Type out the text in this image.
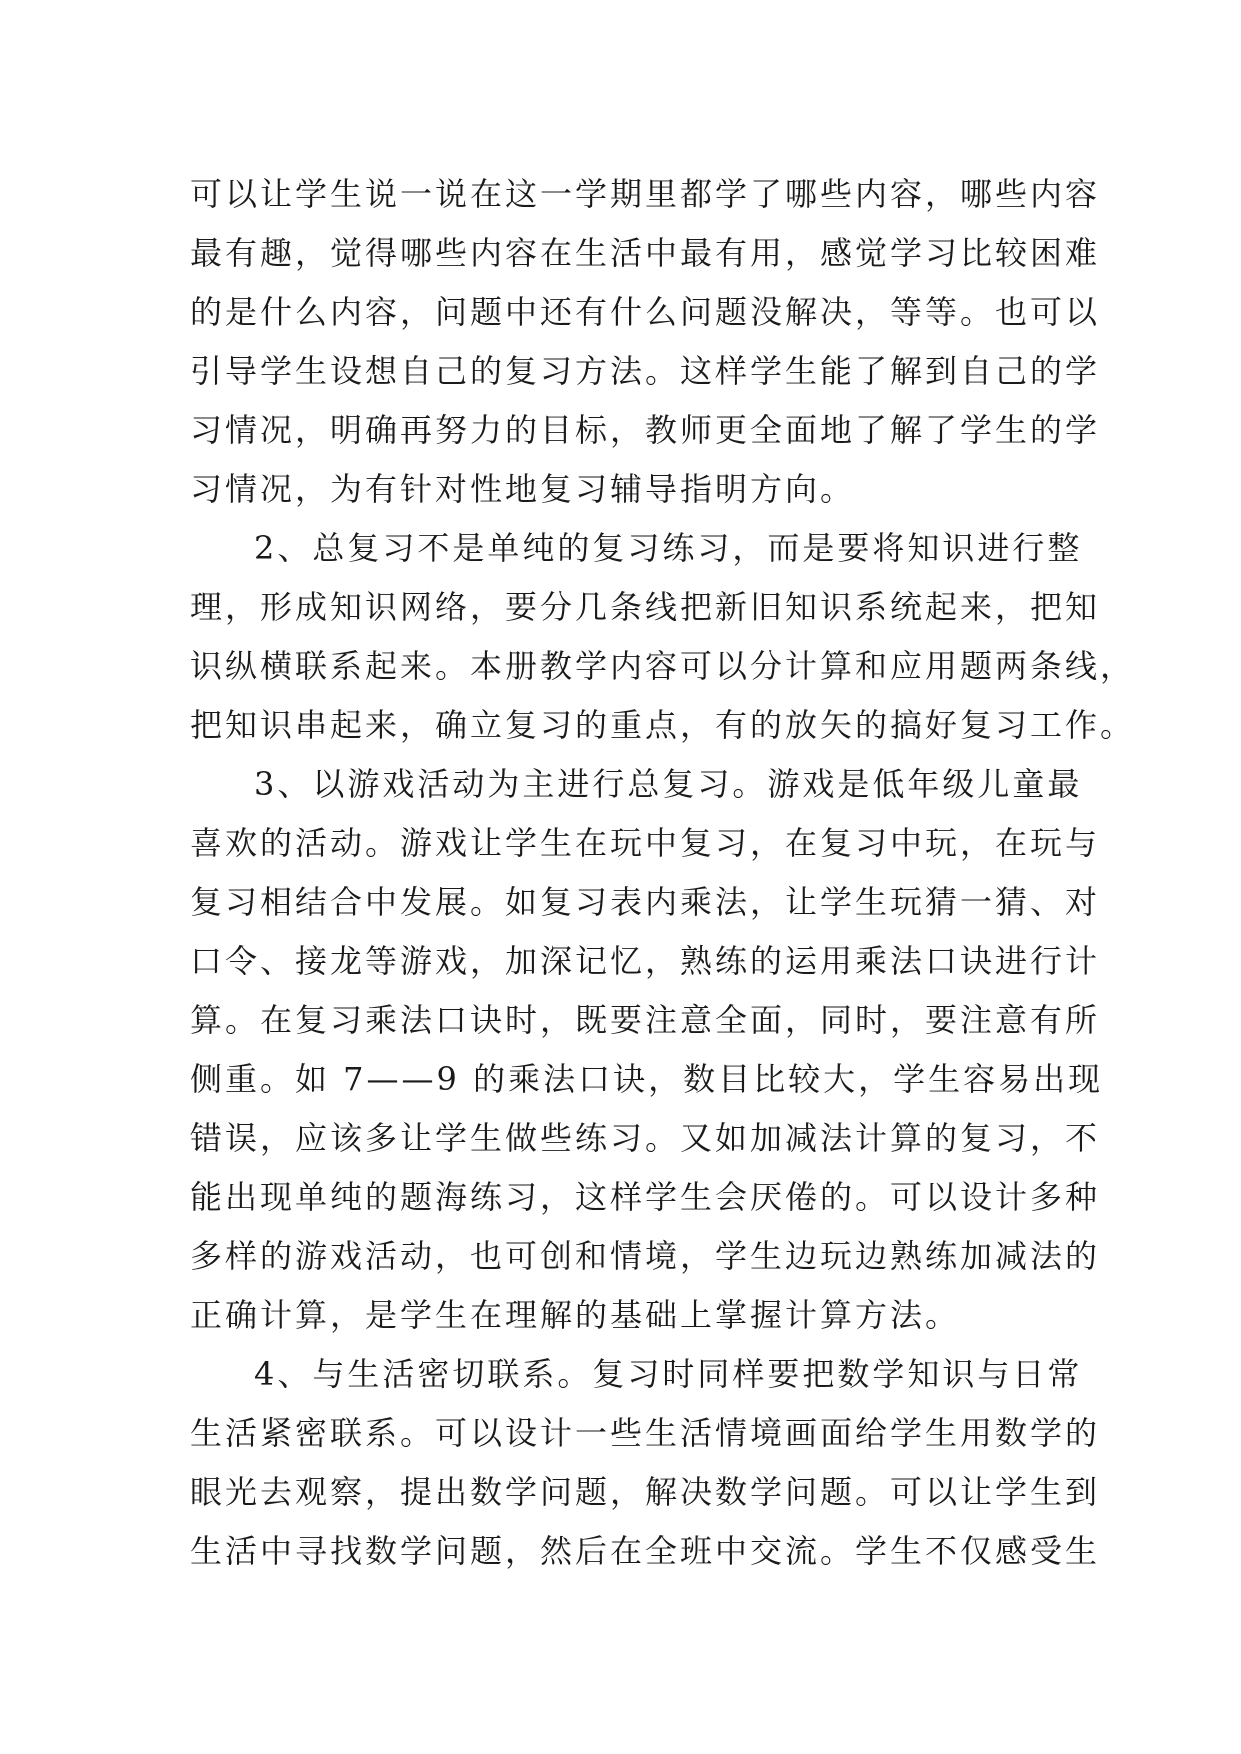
可以让学生说一说在这一学期里都学了哪些内容，哪些内容
最有趣，觉得哪些内容在生活中最有用，感觉学习比较困难
的是什么内容，问题中还有什么问题没解决，等等。也可以
引导学生设想自己的复习方法。这样学生能了解到自己的学
习情况，明确再努力的目标，教师更全面地了解了学生的学
习情况，为有针对性地复习辅导指明方向。
2、总复习不是单纯的复习练习，而是要将知识进行整
理，形成知识网络，要分几条线把新旧知识系统起来，把知
识纵横联系起来。本册教学内容可以分计算和应用题两条线，
把知识串起来，确立复习的重点，有的放矢的搞好复习工作。
3、以游戏活动为主进行总复习。游戏是低年级儿童最
喜欢的活动。游戏让学生在玩中复习，在复习中玩，在玩与
复习相结合中发展。如复习表内乘法，让学生玩猜一猜、对
口令、接龙等游戏，加深记忆，熟练的运用乘法口诀进行计
算。在复习乘法口诀时，既要注意全面，同时，要注意有所
侧重。如 7——9 的乘法口诀，数目比较大，学生容易出现
错误，应该多让学生做些练习。又如加减法计算的复习，不
能出现单纯的题海练习，这样学生会厌倦的。可以设计多种
多样的游戏活动，也可创和情境，学生边玩边熟练加减法的
正确计算，是学生在理解的基础上掌握计算方法。
4、与生活密切联系。复习时同样要把数学知识与日常
生活紧密联系。可以设计一些生活情境画面给学生用数学的
眼光去观察，提出数学问题，解决数学问题。可以让学生到
生活中寻找数学问题，然后在全班中交流。学生不仅感受生
